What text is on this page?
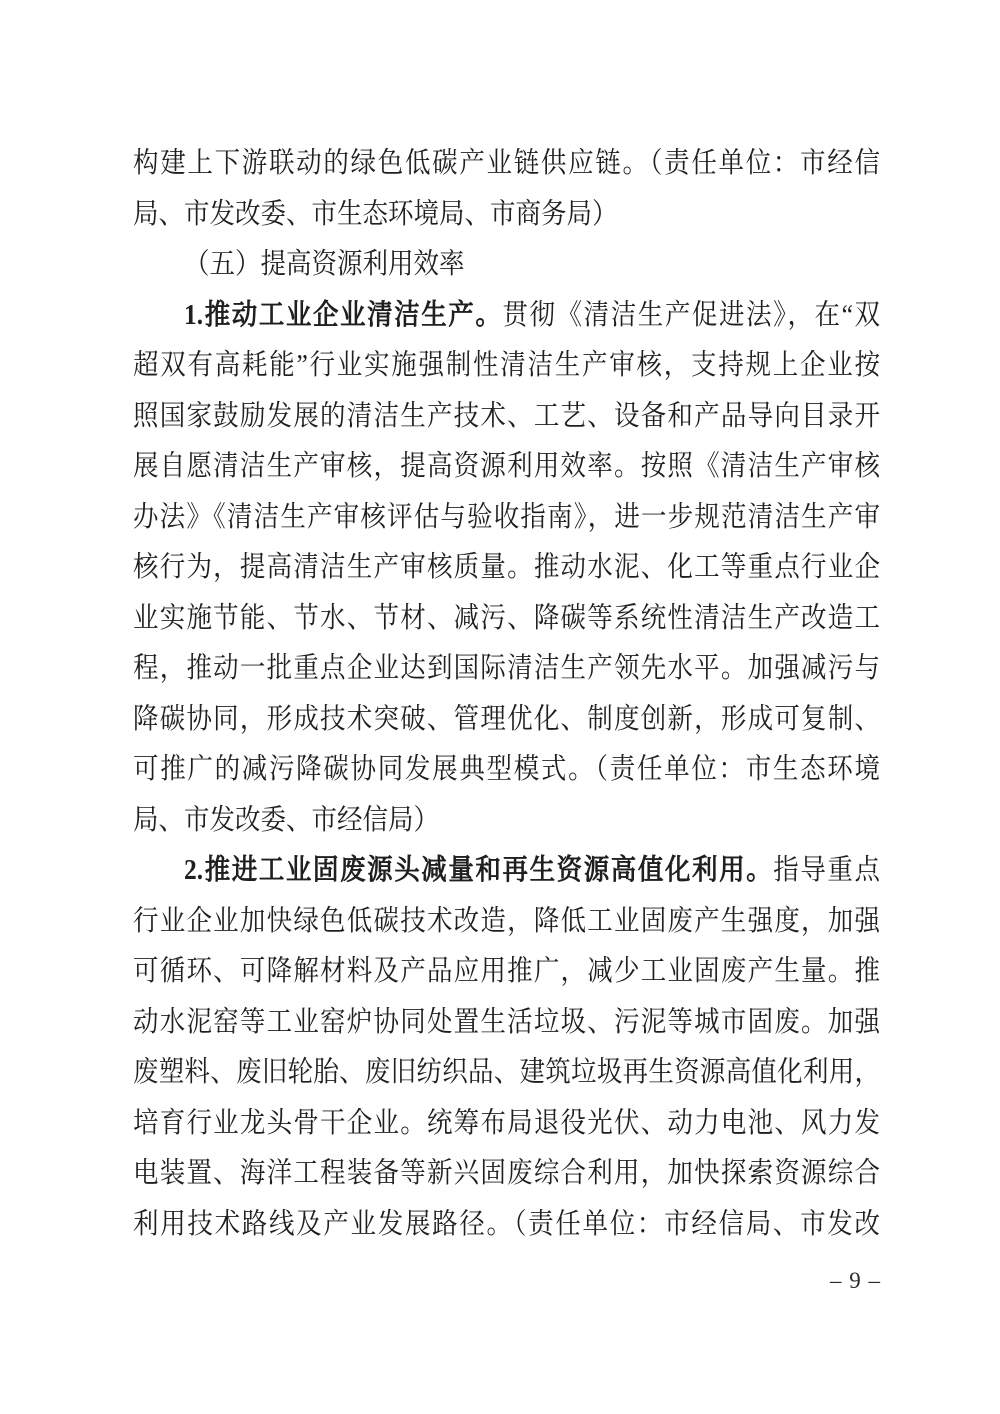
构建上下游联动的绿色低碳产业链供应链。（责任单位：市经信
局、市发改委、市生态环境局、市商务局）
（五）提高资源利用效率
1.推动工业企业清洁生产。贯彻《清洁生产促进法》，在“双
超双有高耗能”行业实施强制性清洁生产审核，支持规上企业按
照国家鼓励发展的清洁生产技术、工艺、设备和产品导向目录开
展自愿清洁生产审核，提高资源利用效率。按照《清洁生产审核
办法》《清洁生产审核评估与验收指南》，进一步规范清洁生产审
核行为，提高清洁生产审核质量。推动水泥、化工等重点行业企
业实施节能、节水、节材、减污、降碳等系统性清洁生产改造工
程，推动一批重点企业达到国际清洁生产领先水平。加强减污与
降碳协同，形成技术突破、管理优化、制度创新，形成可复制、
可推广的减污降碳协同发展典型模式。（责任单位：市生态环境
局、市发改委、市经信局）
2.推进工业固废源头减量和再生资源高值化利用。指导重点
行业企业加快绿色低碳技术改造，降低工业固废产生强度，加强
可循环、可降解材料及产品应用推广，减少工业固废产生量。推
动水泥窑等工业窑炉协同处置生活垃圾、污泥等城市固废。加强
废塑料、废旧轮胎、废旧纺织品、建筑垃圾再生资源高值化利用，
培育行业龙头骨干企业。统筹布局退役光伏、动力电池、风力发
电装置、海洋工程装备等新兴固废综合利用，加快探索资源综合
利用技术路线及产业发展路径。（责任单位：市经信局、市发改
– 9 –
